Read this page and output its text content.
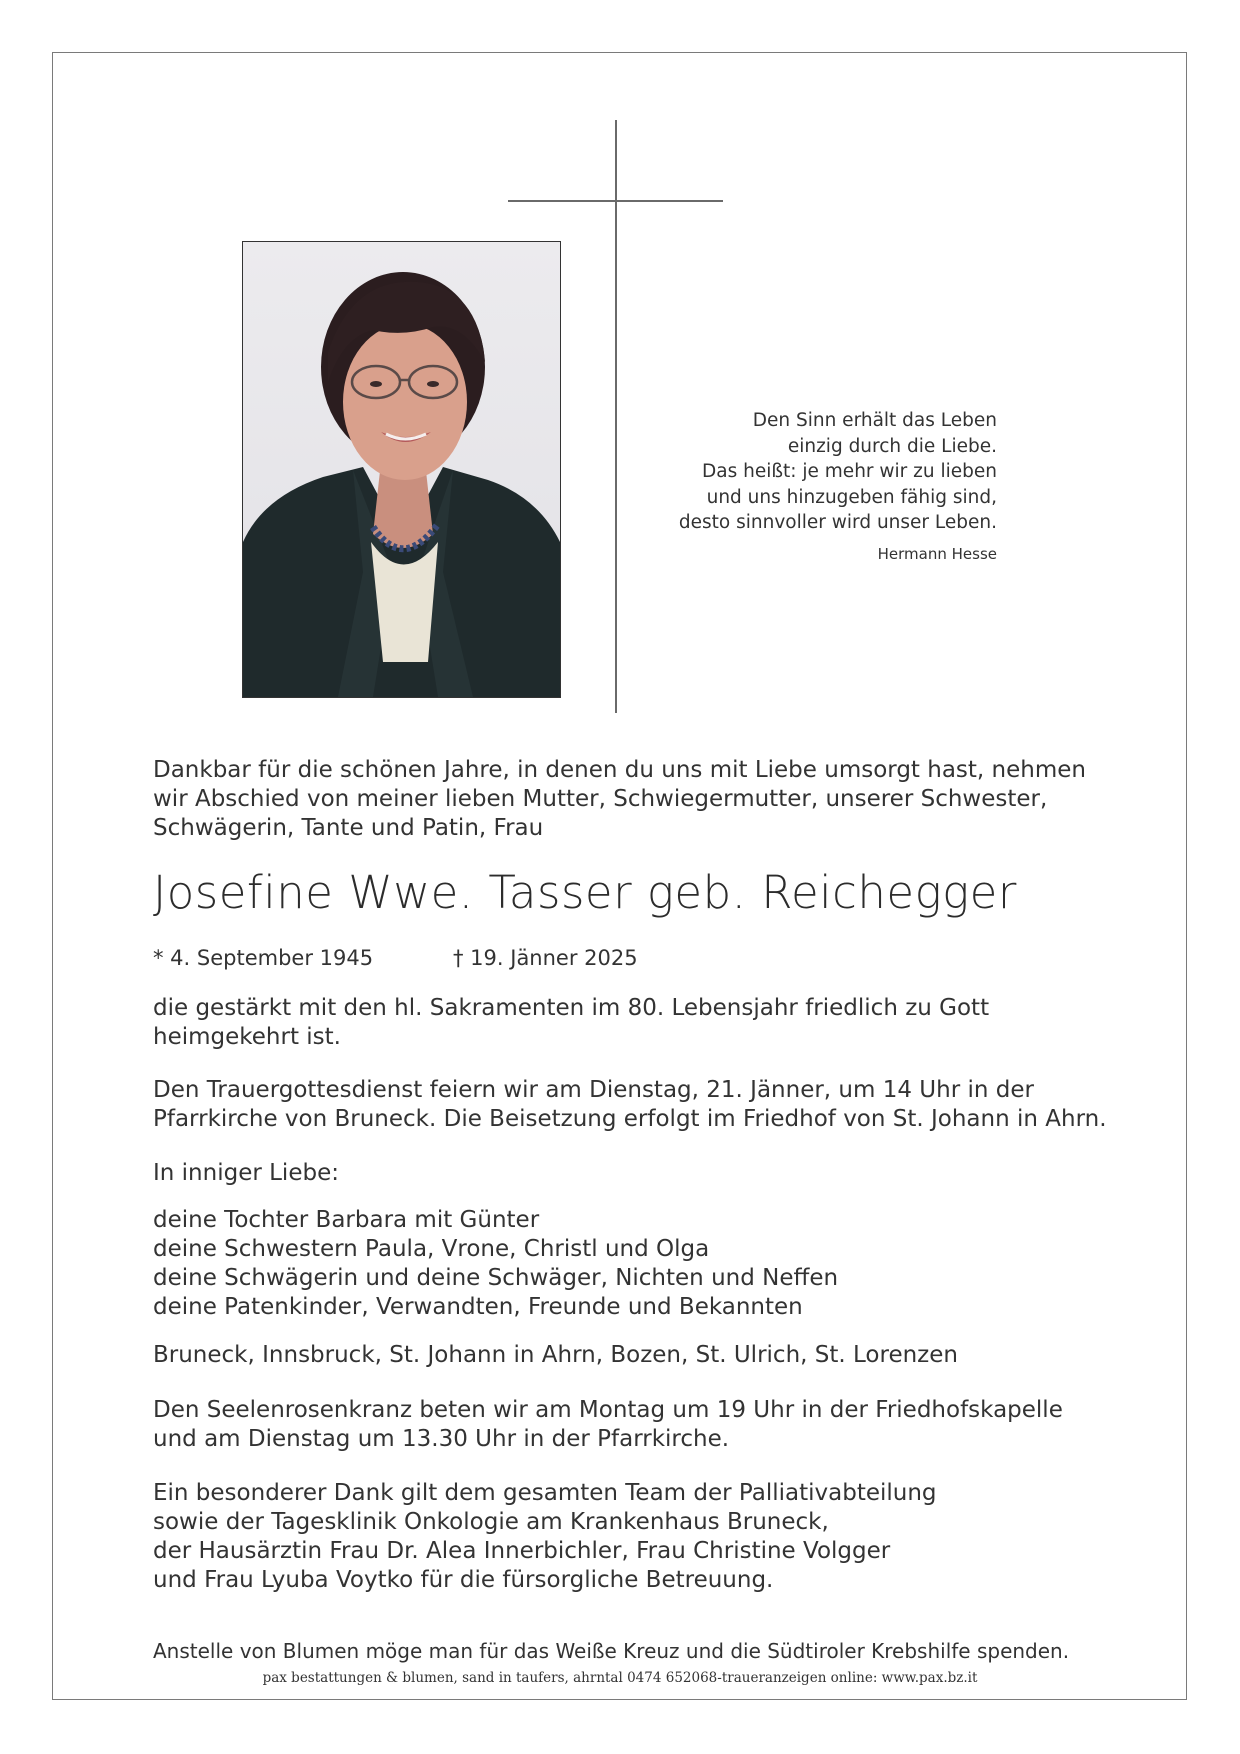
Den Sinn erhält das Leben
einzig durch die Liebe.
Das heißt: je mehr wir zu lieben
und uns hinzugeben fähig sind,
desto sinnvoller wird unser Leben.
Hermann Hesse

Dankbar für die schönen Jahre, in denen du uns mit Liebe umsorgt hast, nehmen
wir Abschied von meiner lieben Mutter, Schwiegermutter, unserer Schwester,
Schwägerin, Tante und Patin, Frau

Josefine Wwe. Tasser geb. Reichegger
* 4. September 1945	† 19. Jänner 2025

die gestärkt mit den hl. Sakramenten im 80. Lebensjahr friedlich zu Gott
heimgekehrt ist.

Den Trauergottesdienst feiern wir am Dienstag, 21. Jänner, um 14 Uhr in der
Pfarrkirche von Bruneck. Die Beisetzung erfolgt im Friedhof von St. Johann in Ahrn.

In inniger Liebe:

deine Tochter Barbara mit Günter
deine Schwestern Paula, Vrone, Christl und Olga
deine Schwägerin und deine Schwäger, Nichten und Neffen
deine Patenkinder, Verwandten, Freunde und Bekannten

Bruneck, Innsbruck, St. Johann in Ahrn, Bozen, St. Ulrich, St. Lorenzen

Den Seelenrosenkranz beten wir am Montag um 19 Uhr in der Friedhofskapelle
und am Dienstag um 13.30 Uhr in der Pfarrkirche.

Ein besonderer Dank gilt dem gesamten Team der Palliativabteilung
sowie der Tagesklinik Onkologie am Krankenhaus Bruneck,
der Hausärztin Frau Dr. Alea Innerbichler, Frau Christine Volgger
und Frau Lyuba Voytko für die fürsorgliche Betreuung.

Anstelle von Blumen möge man für das Weiße Kreuz und die Südtiroler Krebshilfe spenden.

pax bestattungen & blumen, sand in taufers, ahrntal 0474 652068-traueranzeigen online: www.pax.bz.it
